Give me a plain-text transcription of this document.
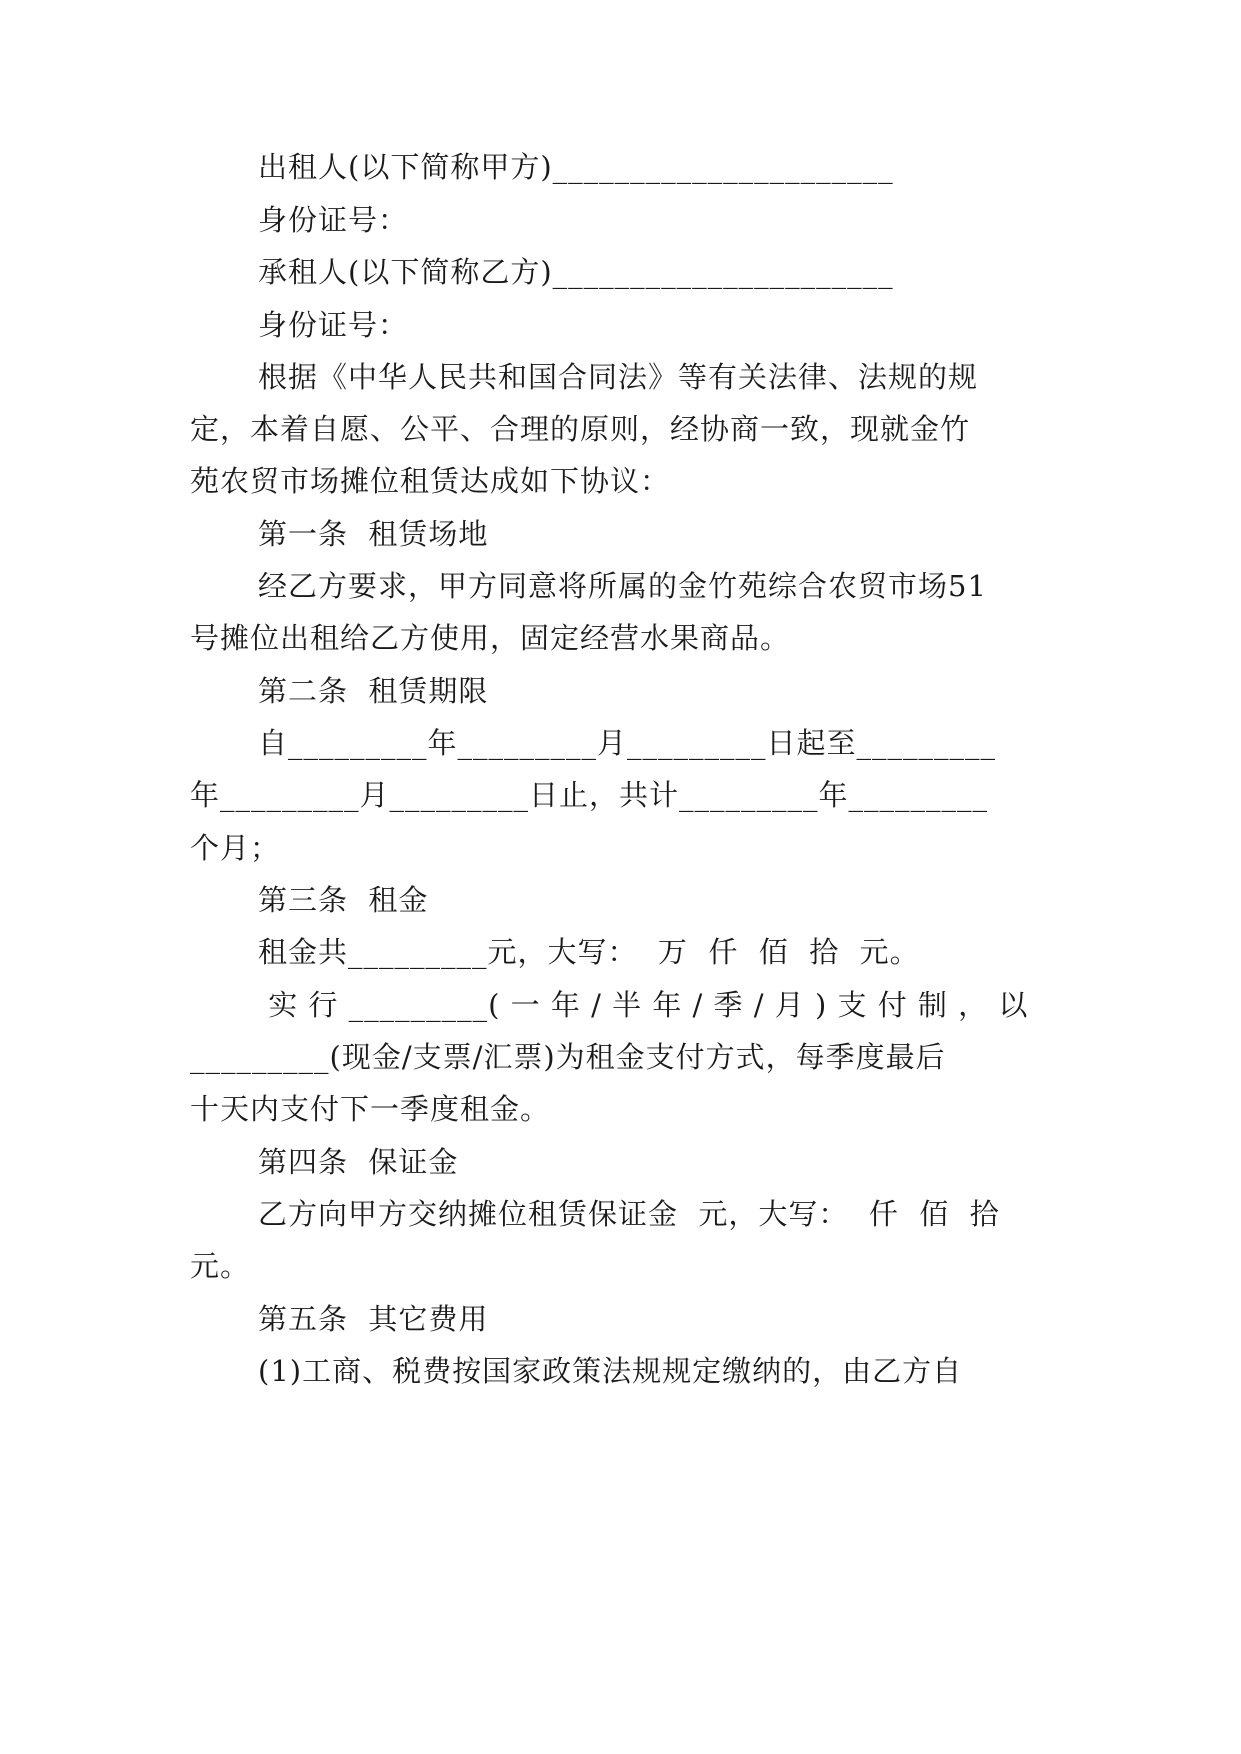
出租人(以下简称甲方)______________________
身份证号：
承租人(以下简称乙方)______________________
身份证号：
根据《中华人民共和国合同法》等有关法律、法规的规
定，本着自愿、公平、合理的原则，经协商一致，现就金竹
苑农贸市场摊位租赁达成如下协议：
第一条  租赁场地
经乙方要求，甲方同意将所属的金竹苑综合农贸市场51
号摊位出租给乙方使用，固定经营水果商品。
第二条  租赁期限
自_________年_________月_________日起至_________
年_________月_________日止，共计_________年_________
个月；
第三条  租金
租金共_________元，大写：  万  仟  佰  拾  元。
实 行 _________( 一 年 / 半 年 / 季 / 月 ) 支 付 制 ， 以
_________(现金/支票/汇票)为租金支付方式，每季度最后
十天内支付下一季度租金。
第四条  保证金
乙方向甲方交纳摊位租赁保证金  元，大写：  仟  佰  拾
元。
第五条  其它费用
(1)工商、税费按国家政策法规规定缴纳的，由乙方自
